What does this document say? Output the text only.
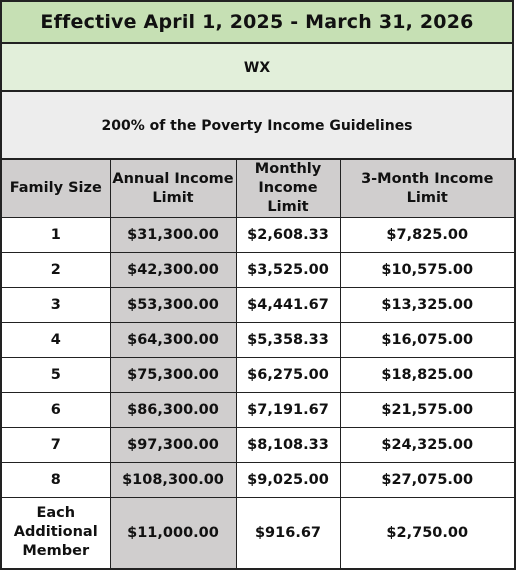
Effective April 1, 2025 - March 31, 2026
WX
200% of the Poverty Income Guidelines
Family Size	Annual Income Limit	Monthly Income Limit	3-Month Income Limit
1	$31,300.00	$2,608.33	$7,825.00
2	$42,300.00	$3,525.00	$10,575.00
3	$53,300.00	$4,441.67	$13,325.00
4	$64,300.00	$5,358.33	$16,075.00
5	$75,300.00	$6,275.00	$18,825.00
6	$86,300.00	$7,191.67	$21,575.00
7	$97,300.00	$8,108.33	$24,325.00
8	$108,300.00	$9,025.00	$27,075.00

Each
Additional
Member	$11,000.00	$916.67	$2,750.00
